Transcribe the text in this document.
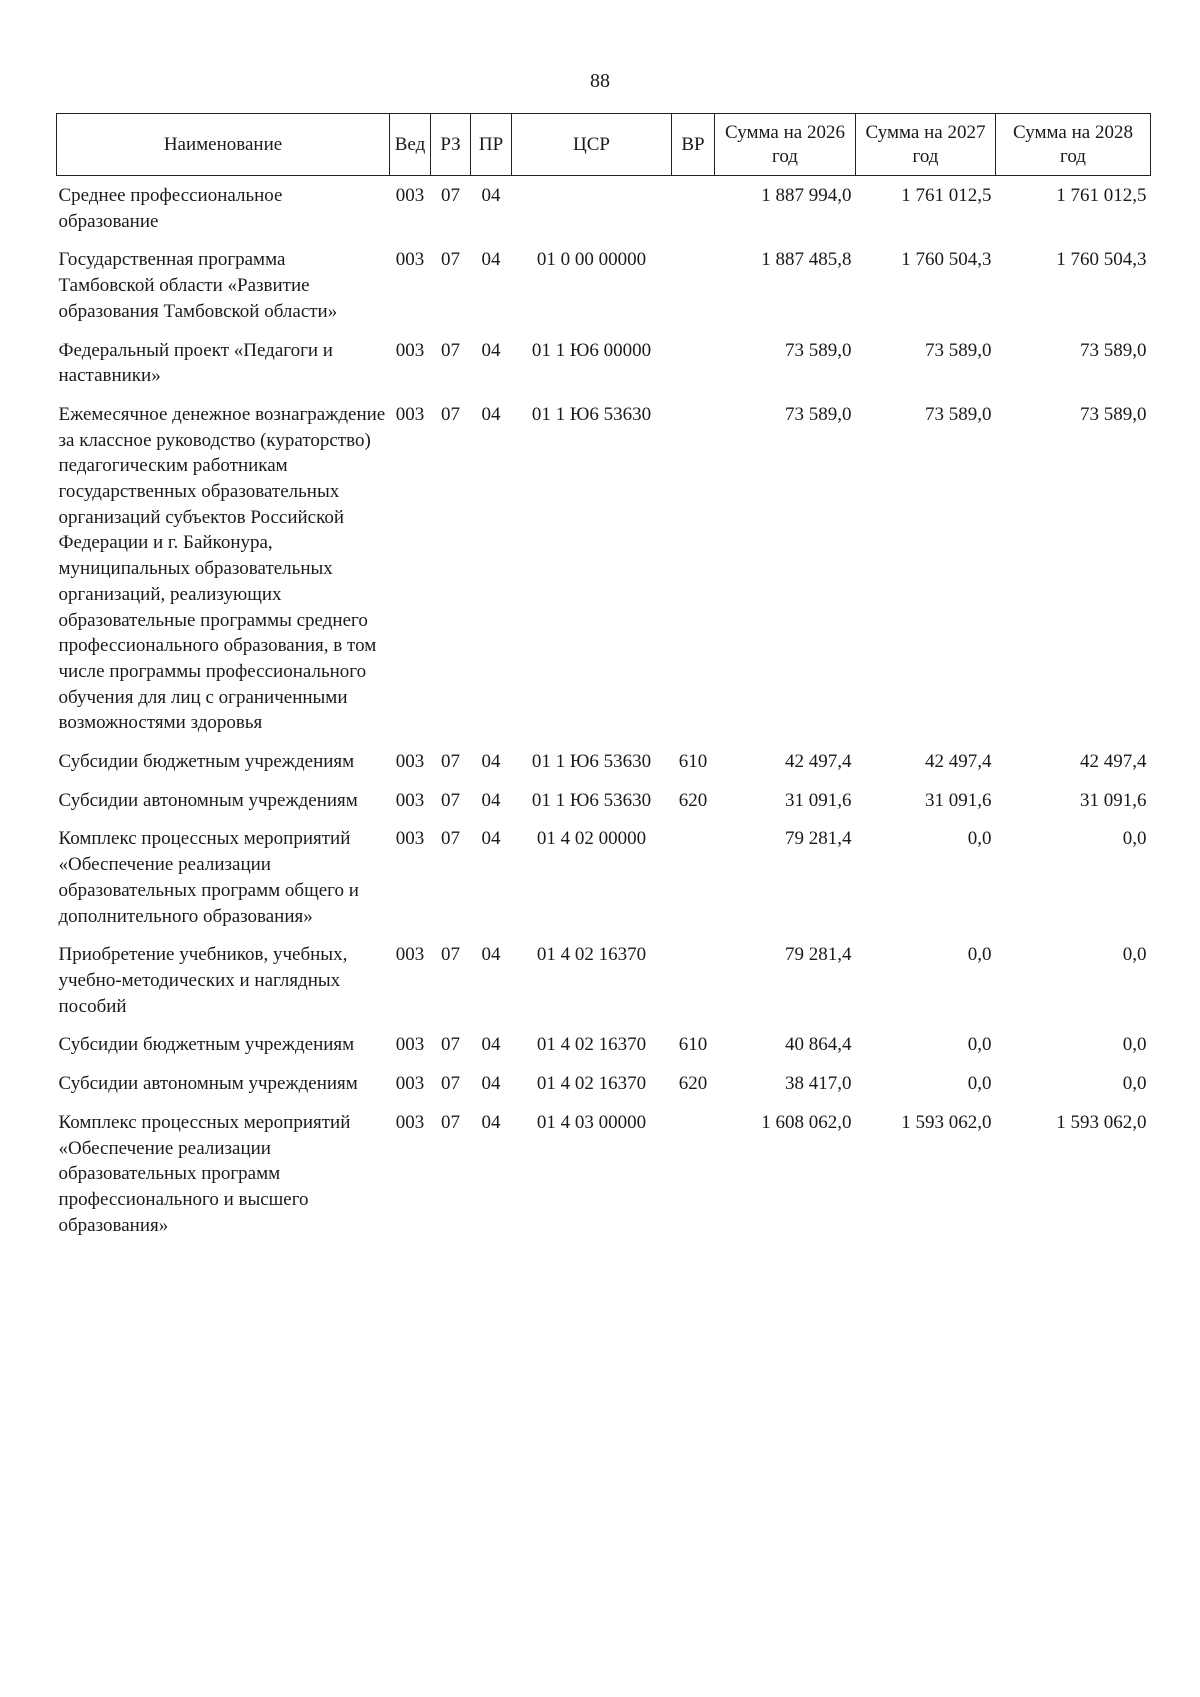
88
Наименование	Вед	РЗ	ПР	ЦСР	ВР	Сумма на 2026 год	Сумма на 2027 год	Сумма на 2028 год
Среднее профессиональное образование	003	07	04			1 887 994,0	1 761 012,5	1 761 012,5
Государственная программа Тамбовской области «Развитие образования Тамбовской области»	003	07	04	01 0 00 00000		1 887 485,8	1 760 504,3	1 760 504,3
Федеральный проект «Педагоги и наставники»	003	07	04	01 1 Ю6 00000		73 589,0	73 589,0	73 589,0
Ежемесячное денежное вознаграждение за классное руководство (кураторство) педагогическим работникам государственных образовательных организаций субъектов Российской Федерации и г. Байконура, муниципальных образовательных организаций, реализующих образовательные программы среднего профессионального образования, в том числе программы профессионального обучения для лиц с ограниченными возможностями здоровья	003	07	04	01 1 Ю6 53630		73 589,0	73 589,0	73 589,0
Субсидии бюджетным учреждениям	003	07	04	01 1 Ю6 53630	610	42 497,4	42 497,4	42 497,4
Субсидии автономным учреждениям	003	07	04	01 1 Ю6 53630	620	31 091,6	31 091,6	31 091,6
Комплекс процессных мероприятий «Обеспечение реализации образовательных программ общего и дополнительного образования»	003	07	04	01 4 02 00000		79 281,4	0,0	0,0
Приобретение учебников, учебных, учебно-методических и наглядных пособий	003	07	04	01 4 02 16370		79 281,4	0,0	0,0
Субсидии бюджетным учреждениям	003	07	04	01 4 02 16370	610	40 864,4	0,0	0,0
Субсидии автономным учреждениям	003	07	04	01 4 02 16370	620	38 417,0	0,0	0,0
Комплекс процессных мероприятий «Обеспечение реализации образовательных программ профессионального и высшего образования»	003	07	04	01 4 03 00000		1 608 062,0	1 593 062,0	1 593 062,0
